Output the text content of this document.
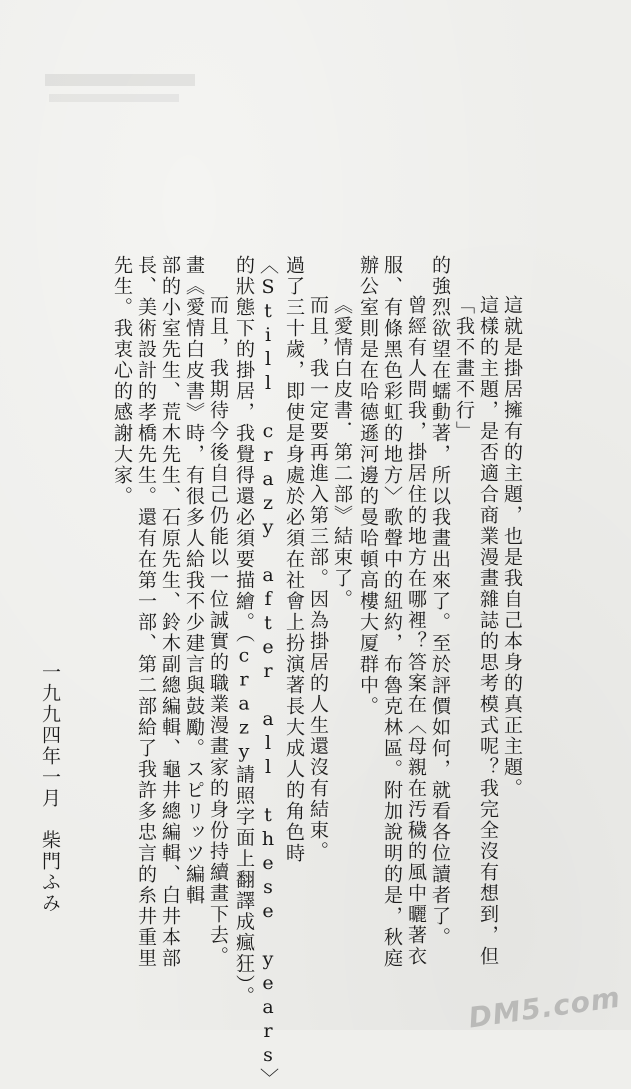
這就是掛居擁有的主題，也是我自己本身的真正主題。
這樣的主題，是否適合商業漫畫雜誌的思考模式呢？我完全沒有想到，但
「我不畫不行」
的強烈欲望在蠕動著，所以我畫出來了。至於評價如何，就看各位讀者了。
曾經有人問我，掛居住的地方在哪裡？答案在〈母親在汚穢的風中曬著衣
服、有條黑色彩虹的地方〉歌聲中的紐約，布魯克林區。附加說明的是，秋庭
辦公室則是在哈德遜河邊的曼哈頓高樓大厦群中。
《愛情白皮書．第二部》結束了。
而且，我一定要再進入第三部。因為掛居的人生還沒有結束。
過了三十歲，即使是身處於必須在社會上扮演著長大成人的角色時
〈Still crazy after all these years〉
的狀態下的掛居，我覺得還必須要描繪。（crazy請照字面上翻譯成瘋狂）。
而且，我期待今後自己仍能以一位誠實的職業漫畫家的身份持續畫下去。
畫《愛情白皮書》時，有很多人給我不少建言與鼓勵。スピリッツ編輯
部的小室先生、荒木先生、石原先生、鈴木副總編輯、龜井總編輯、白井本部
長、美術設計的孝橋先生。還有在第一部、第二部給了我許多忠言的糸井重里
先生。我衷心的感謝大家。
一九九四年一月　柴門ふみ
DM5.com
